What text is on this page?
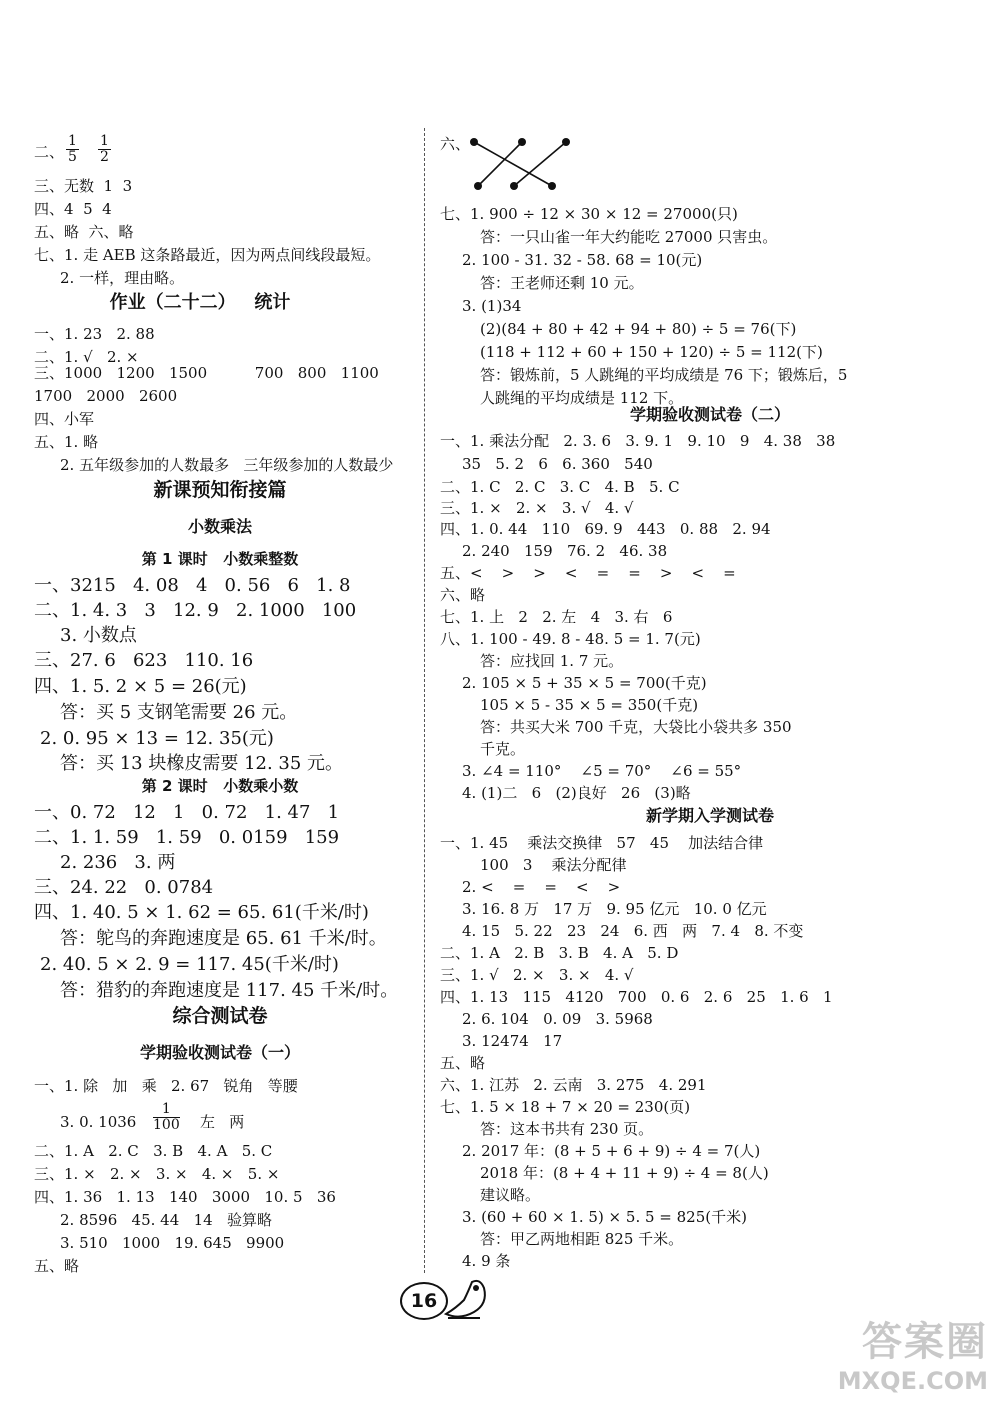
二、 $\frac{1}{5} \frac{1}{2}$
三、无数  1  3
四、4  5  4
五、略  六、略
七、1. 走 AEB 这条路最近，因为两点间线段最短。
2. 一样，理由略。
作业（二十二）   统计
一、1. 23   2. 88
二、1. √   2. ×
三、1000   1200   1500          700   800   1100
1700   2000   2600
四、小军
五、1. 略
2. 五年级参加的人数最多   三年级参加的人数最少
新课预知衔接篇
小数乘法
第 1 课时   小数乘整数
一、3215   4. 08   4   0. 56   6   1. 8
二、1. 4. 3   3   12. 9   2. 1000   100
3. 小数点
三、27. 6   623   110. 16
四、1. 5. 2 × 5 = 26(元)
答：买 5 支钢笔需要 26 元。
2. 0. 95 × 13 = 12. 35(元)
答：买 13 块橡皮需要 12. 35 元。
第 2 课时   小数乘小数
一、0. 72   12   1   0. 72   1. 47   1
二、1. 1. 59   1. 59   0. 0159   159
2. 236   3. 两
三、24. 22   0. 0784
四、1. 40. 5 × 1. 62 = 65. 61(千米/时)
答：鸵鸟的奔跑速度是 65. 61 千米/时。
2. 40. 5 × 2. 9 = 117. 45(千米/时)
答：猎豹的奔跑速度是 117. 45 千米/时。
综合测试卷
学期验收测试卷（一）
一、1. 除   加   乘   2. 67   锐角   等腰
3. 0. $1036 \frac{1}{100}$ 左   两
二、1. A   2. C   3. B   4. A   5. C
三、1. ×   2. ×   3. ×   4. ×   5. ×
四、1. 36   1. 13   140   3000   10. 5   36
2. 8596   45. 44   14   验算略
3. 510   1000   19. 645   9900
五、略
六、
七、1. 900 ÷ 12 × 30 × 12 = 27000(只)
答：一只山雀一年大约能吃 27000 只害虫。
2. 100 - 31. 32 - 58. 68 = 10(元)
答：王老师还剩 10 元。
3. (1)34
(2)(84 + 80 + 42 + 94 + 80) ÷ 5 = 76(下)
(118 + 112 + 60 + 150 + 120) ÷ 5 = 112(下)
答：锻炼前，5 人跳绳的平均成绩是 76 下；锻炼后，5
人跳绳的平均成绩是 112 下。
学期验收测试卷（二）
一、1. 乘法分配   2. 3. 6   3. 9. 1   9. 10   9   4. 38   38
35   5. 2   6   6. 360   540
二、1. C   2. C   3. C   4. B   5. C
三、1. ×   2. ×   3. √   4. √
四、1. 0. 44   110   69. 9   443   0. 88   2. 94
2. 240   159   76. 2   46. 38
五、<    >    >    <    =    =    >    <    =
六、略
七、1. 上   2   2. 左   4   3. 右   6
八、1. 100 - 49. 8 - 48. 5 = 1. 7(元)
答：应找回 1. 7 元。
2. 105 × 5 + 35 × 5 = 700(千克)
105 × 5 - 35 × 5 = 350(千克)
答：共买大米 700 千克，大袋比小袋共多 350
千克。
3. ∠4 = 110°    ∠5 = 70°    ∠6 = 55°
4. (1)二   6   (2)良好   26   (3)略
新学期入学测试卷
一、1. 45    乘法交换律   57   45    加法结合律
100   3    乘法分配律
2. <    =    =    <    >
3. 16. 8 万   17 万   9. 95 亿元   10. 0 亿元
4. 15   5. 22   23   24   6. 西   两   7. 4   8. 不变
二、1. A   2. B   3. B   4. A   5. D
三、1. √   2. ×   3. ×   4. √
四、1. 13   115   4120   700   0. 6   2. 6   25   1. 6   1
2. 6. 104   0. 09   3. 5968
3. 12474   17
五、略
六、1. 江苏   2. 云南   3. 275   4. 291
七、1. 5 × 18 + 7 × 20 = 230(页)
答：这本书共有 230 页。
2. 2017 年：(8 + 5 + 6 + 9) ÷ 4 = 7(人)
2018 年：(8 + 4 + 11 + 9) ÷ 4 = 8(人)
建议略。
3. (60 + 60 × 1. 5) × 5. 5 = 825(千米)
答：甲乙两地相距 825 千米。
4. 9 条
16
答案圈
MXQE.COM
